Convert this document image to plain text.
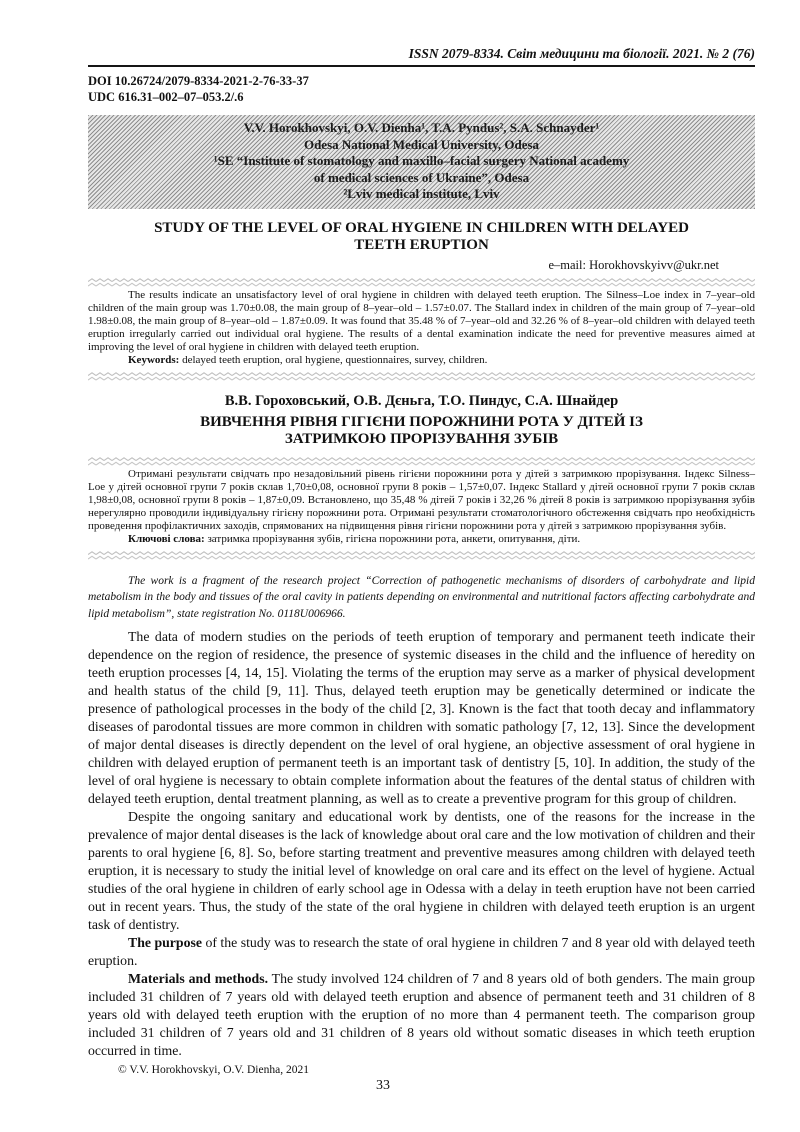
ISSN 2079-8334. Світ медицини та біології. 2021. № 2 (76)
DOI 10.26724/2079-8334-2021-2-76-33-37
UDC 616.31–002–07–053.2/.6
V.V. Horokhovskyi, O.V. Dienha¹, T.A. Pyndus², S.A. Schnayder¹
Odesa National Medical University, Odesa
¹SE “Institute of stomatology and maxillo–facial surgery National academy
of medical sciences of Ukraine”, Odesa
²Lviv medical institute, Lviv
STUDY OF THE LEVEL OF ORAL HYGIENE IN CHILDREN WITH DELAYED TEETH ERUPTION
e–mail: Horokhovskyivv@ukr.net

The results indicate an unsatisfactory level of oral hygiene in children with delayed teeth eruption. The Silness–Loe index in 7–year–old children of the main group was 1.70±0.08, the main group of 8–year–old – 1.57±0.07. The Stallard index in children of the main group of 7–year–old 1.98±0.08, the main group of 8–year–old – 1.87±0.09. It was found that 35.48 % of 7–year–old and 32.26 % of 8–year–old children with delayed teeth eruption irregularly carried out individual oral hygiene. The results of a dental examination indicate the need for preventive measures aimed at improving the level of oral hygiene in children with delayed teeth eruption.

Keywords: delayed teeth eruption, oral hygiene, questionnaires, survey, children.

В.В. Гороховський, О.В. Дєньга, Т.О. Пиндус, С.А. Шнайдер
ВИВЧЕННЯ РІВНЯ ГІГІЄНИ ПОРОЖНИНИ РОТА У ДІТЕЙ ІЗ ЗАТРИМКОЮ ПРОРІЗУВАННЯ ЗУБІВ

Отримані результати свідчать про незадовільний рівень гігієни порожнини рота у дітей з затримкою прорізування. Індекс Silness–Loe у дітей основної групи 7 років склав 1,70±0,08, основної групи 8 років – 1,57±0,07. Індекс Stallard у дітей основної групи 7 років склав 1,98±0,08, основної групи 8 років – 1,87±0,09. Встановлено, що 35,48 % дітей 7 років і 32,26 % дітей 8 років із затримкою прорізування зубів нерегулярно проводили індивідуальну гігієну порожнини рота. Отримані результати стоматологічного обстеження свідчать про необхідність проведення профілактичних заходів, спрямованих на підвищення рівня гігієни порожнини рота у дітей з затримкою прорізування зубів.

Ключові слова: затримка прорізування зубів, гігієна порожнини рота, анкети, опитування, діти.

The work is a fragment of the research project “Correction of pathogenetic mechanisms of disorders of carbohydrate and lipid metabolism in the body and tissues of the oral cavity in patients depending on environmental and nutritional factors affecting carbohydrate and lipid metabolism”, state registration No. 0118U006966.

The data of modern studies on the periods of teeth eruption of temporary and permanent teeth indicate their dependence on the region of residence, the presence of systemic diseases in the child and the influence of heredity on teeth eruption processes [4, 14, 15]. Violating the terms of the eruption may serve as a marker of physical development and health status of the child [9, 11]. Thus, delayed teeth eruption may be genetically determined or indicate the presence of pathological processes in the body of the child [2, 3]. Known is the fact that tooth decay and inflammatory diseases of parodontal tissues are more common in children with somatic pathology [7, 12, 13]. Since the development of major dental diseases is directly dependent on the level of oral hygiene, an objective assessment of oral hygiene in children with delayed eruption of permanent teeth is an important task of dentistry [5, 10]. In addition, the study of the level of oral hygiene is necessary to obtain complete information about the features of the dental status of children with delayed teeth eruption, dental treatment planning, as well as to create a preventive program for this group of children.

Despite the ongoing sanitary and educational work by dentists, one of the reasons for the increase in the prevalence of major dental diseases is the lack of knowledge about oral care and the low motivation of children and their parents to oral hygiene [6, 8]. So, before starting treatment and preventive measures among children with delayed teeth eruption, it is necessary to study the initial level of knowledge on oral care and its effect on the level of hygiene. Actual studies of the oral hygiene in children of early school age in Odessa with a delay in teeth eruption have not been carried out in recent years. Thus, the study of the state of the oral hygiene in children with delayed teeth eruption is an urgent task of dentistry.

The purpose of the study was to research the state of oral hygiene in children 7 and 8 year old with delayed teeth eruption.

Materials and methods. The study involved 124 children of 7 and 8 years old of both genders. The main group included 31 children of 7 years old with delayed teeth eruption and absence of permanent teeth and 31 children of 8 years old with delayed teeth eruption with the eruption of no more than 4 permanent teeth. The comparison group included 31 children of 7 years old and 31 children of 8 years old without somatic diseases in which teeth eruption occurred in time.

© V.V. Horokhovskyi, O.V. Dienha, 2021
33
